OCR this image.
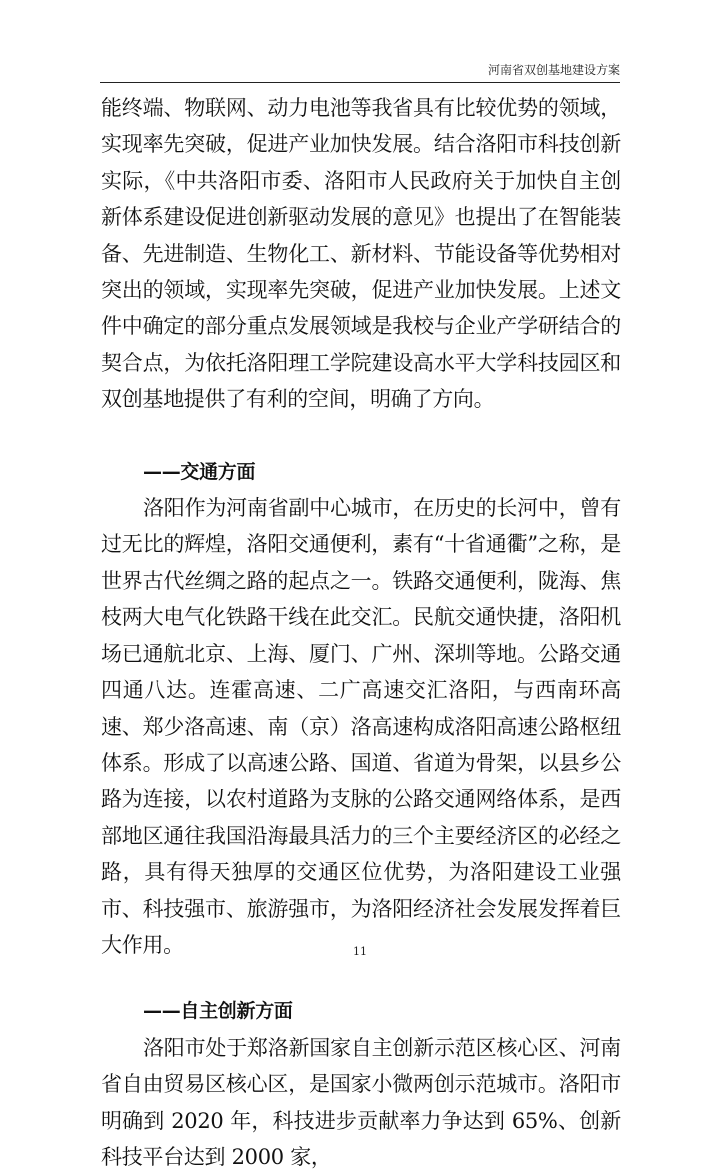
河南省双创基地建设方案

能终端、物联网、动力电池等我省具有比较优势的领域，实现率先突破，促进产业加快发展。结合洛阳市科技创新实际，《中共洛阳市委、洛阳市人民政府关于加快自主创新体系建设促进创新驱动发展的意见》也提出了在智能装备、先进制造、生物化工、新材料、节能设备等优势相对突出的领域，实现率先突破，促进产业加快发展。上述文件中确定的部分重点发展领域是我校与企业产学研结合的契合点，为依托洛阳理工学院建设高水平大学科技园区和双创基地提供了有利的空间，明确了方向。

——交通方面

洛阳作为河南省副中心城市，在历史的长河中，曾有过无比的辉煌，洛阳交通便利，素有“十省通衢”之称，是世界古代丝绸之路的起点之一。铁路交通便利，陇海、焦枝两大电气化铁路干线在此交汇。民航交通快捷，洛阳机场已通航北京、上海、厦门、广州、深圳等地。公路交通四通八达。连霍高速、二广高速交汇洛阳，与西南环高速、郑少洛高速、南（京）洛高速构成洛阳高速公路枢纽体系。形成了以高速公路、国道、省道为骨架，以县乡公路为连接，以农村道路为支脉的公路交通网络体系，是西部地区通往我国沿海最具活力的三个主要经济区的必经之路，具有得天独厚的交通区位优势，为洛阳建设工业强市、科技强市、旅游强市，为洛阳经济社会发展发挥着巨大作用。

——自主创新方面

洛阳市处于郑洛新国家自主创新示范区核心区、河南省自由贸易区核心区，是国家小微两创示范城市。洛阳市明确到 2020 年，科技进步贡献率力争达到 65%、创新科技平台达到 2000 家，

11
